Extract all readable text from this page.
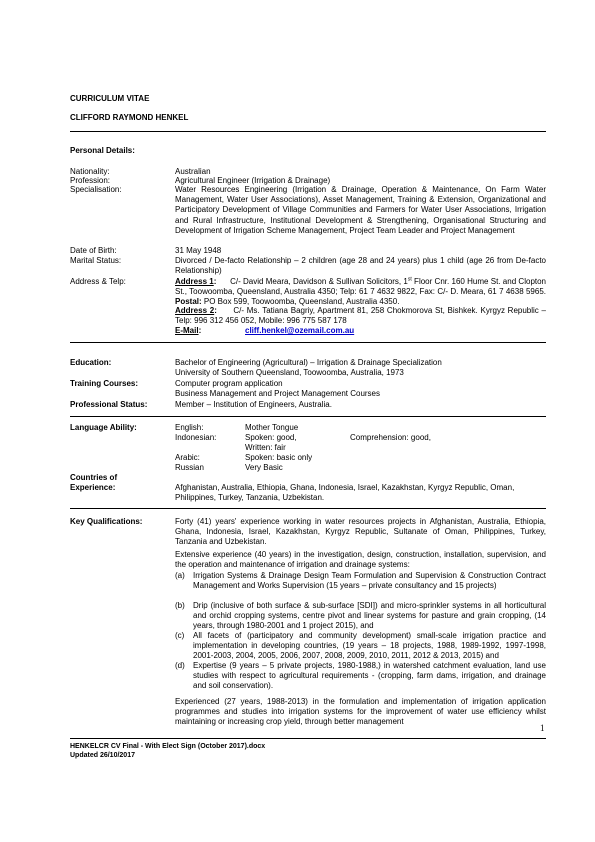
CURRICULUM VITAE
CLIFFORD RAYMOND HENKEL
Personal Details:
Nationality:	Australian
Profession:	Agricultural Engineer (Irrigation & Drainage)
Specialisation:	Water Resources Engineering (Irrigation & Drainage, Operation & Maintenance, On Farm Water Management, Water User Associations), Asset Management, Training & Extension, Organizational and Participatory Development of Village Communities and Farmers for Water User Associations, Irrigation and Rural Infrastructure, Institutional Development & Strengthening, Organisational Structuring and Development of Irrigation Scheme Management, Project Team Leader and Project Management
Date of Birth:	31 May 1948
Marital Status:	Divorced / De-facto Relationship – 2 children (age 28 and 24 years) plus 1 child (age 26 from De-facto Relationship)
Address & Telp:	Address 1: C/- David Meara, Davidson & Sullivan Solicitors, 1st Floor Cnr. 160 Hume St. and Clopton St., Toowoomba, Queensland, Australia 4350; Telp: 61 7 4632 9822, Fax: C/- D. Meara, 61 7 4638 5965. Postal: PO Box 599, Toowoomba, Queensland, Australia 4350.
Address 2: C/- Ms. Tatiana Bagriy, Apartment 81, 258 Chokmorova St, Bishkek. Kyrgyz Republic – Telp: 996 312 456 052, Mobile: 996 775 587 178
E-Mail:	cliff.henkel@ozemail.com.au
Education:	Bachelor of Engineering (Agricultural) – Irrigation & Drainage Specialization
University of Southern Queensland, Toowoomba, Australia, 1973
Training Courses:	Computer program application
Business Management and Project Management Courses
Professional Status:	Member – Institution of Engineers, Australia.
Language Ability:	English:	Mother Tongue
Indonesian:	Spoken: good,	Comprehension: good,
Written: fair
Arabic:	Spoken: basic only
Russian	Very Basic
Countries of
Experience:	Afghanistan, Australia, Ethiopia, Ghana, Indonesia, Israel, Kazakhstan, Kyrgyz Republic, Oman, Philippines, Turkey, Tanzania, Uzbekistan.
Key Qualifications:	Forty (41) years' experience working in water resources projects in Afghanistan, Australia, Ethiopia, Ghana, Indonesia, Israel, Kazakhstan, Kyrgyz Republic, Sultanate of Oman, Philippines, Turkey, Tanzania and Uzbekistan.
Extensive experience (40 years) in the investigation, design, construction, installation, supervision, and the operation and maintenance of irrigation and drainage systems:
(a) Irrigation Systems & Drainage Design Team Formulation and Supervision & Construction Contract Management and Works Supervision (15 years – private consultancy and 15 projects)
(b) Drip (inclusive of both surface & sub-surface [SDI]) and micro-sprinkler systems in all horticultural and orchid cropping systems, centre pivot and linear systems for pasture and grain cropping, (14 years, through 1980-2001 and 1 project 2015), and
(c) All facets of (participatory and community development) small-scale irrigation practice and implementation in developing countries, (19 years – 18 projects, 1988, 1989-1992, 1997-1998, 2001-2003, 2004, 2005, 2006, 2007, 2008, 2009, 2010, 2011, 2012 & 2013, 2015) and
(d) Expertise (9 years – 5 private projects, 1980-1988,) in watershed catchment evaluation, land use studies with respect to agricultural requirements - (cropping, farm dams, irrigation, and drainage and soil conservation).
Experienced (27 years, 1988-2013) in the formulation and implementation of irrigation application programmes and studies into irrigation systems for the improvement of water use efficiency whilst maintaining or increasing crop yield, through better management
1
HENKELCR CV Final - With Elect Sign (October 2017).docx
Updated 26/10/2017
